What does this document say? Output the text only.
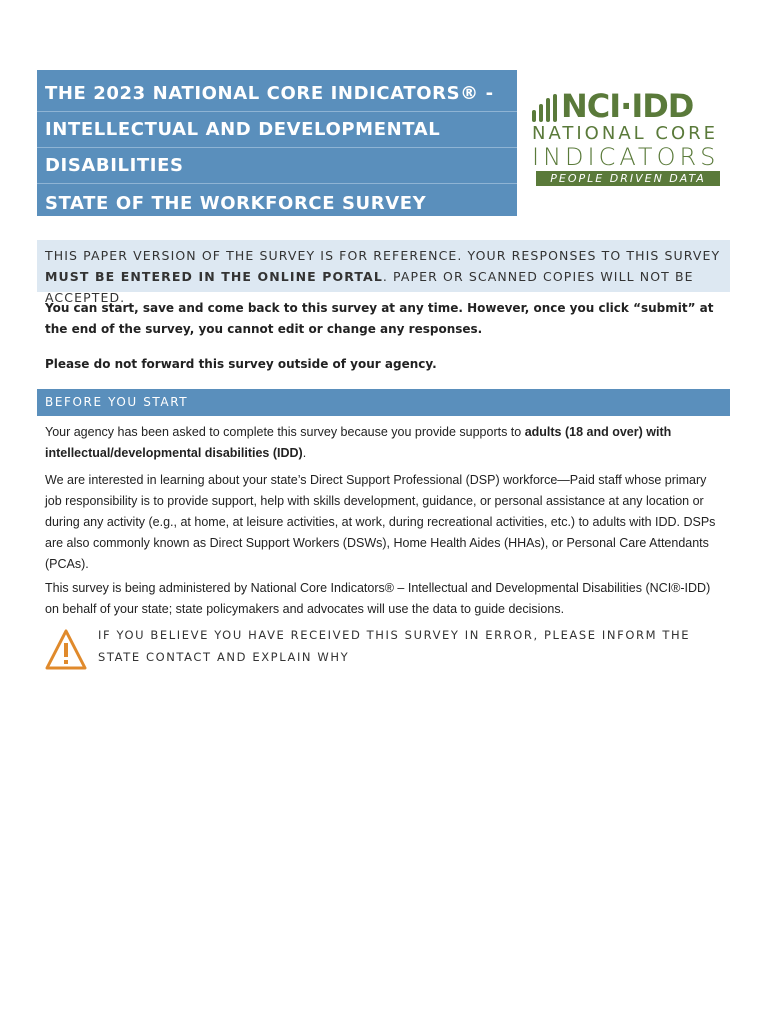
THE 2023 NATIONAL CORE INDICATORS® -
INTELLECTUAL AND DEVELOPMENTAL
DISABILITIES
STATE OF THE WORKFORCE SURVEY
NCI·IDD
NATIONAL CORE
INDICATORS
PEOPLE DRIVEN DATA
THIS PAPER VERSION OF THE SURVEY IS FOR REFERENCE. YOUR RESPONSES TO THIS SURVEY MUST BE ENTERED IN THE ONLINE PORTAL. PAPER OR SCANNED COPIES WILL NOT BE ACCEPTED.
You can start, save and come back to this survey at any time. However, once you click “submit” at the end of the survey, you cannot edit or change any responses.
Please do not forward this survey outside of your agency.
BEFORE YOU START
Your agency has been asked to complete this survey because you provide supports to adults (18 and over) with intellectual/developmental disabilities (IDD).
We are interested in learning about your state’s Direct Support Professional (DSP) workforce—Paid staff whose primary job responsibility is to provide support, help with skills development, guidance, or personal assistance at any location or during any activity (e.g., at home, at leisure activities, at work, during recreational activities, etc.) to adults with IDD. DSPs are also commonly known as Direct Support Workers (DSWs), Home Health Aides (HHAs), or Personal Care Attendants (PCAs).
This survey is being administered by National Core Indicators® – Intellectual and Developmental Disabilities (NCI®-IDD) on behalf of your state; state policymakers and advocates will use the data to guide decisions.
IF YOU BELIEVE YOU HAVE RECEIVED THIS SURVEY IN ERROR, PLEASE INFORM THE STATE CONTACT AND EXPLAIN WHY
